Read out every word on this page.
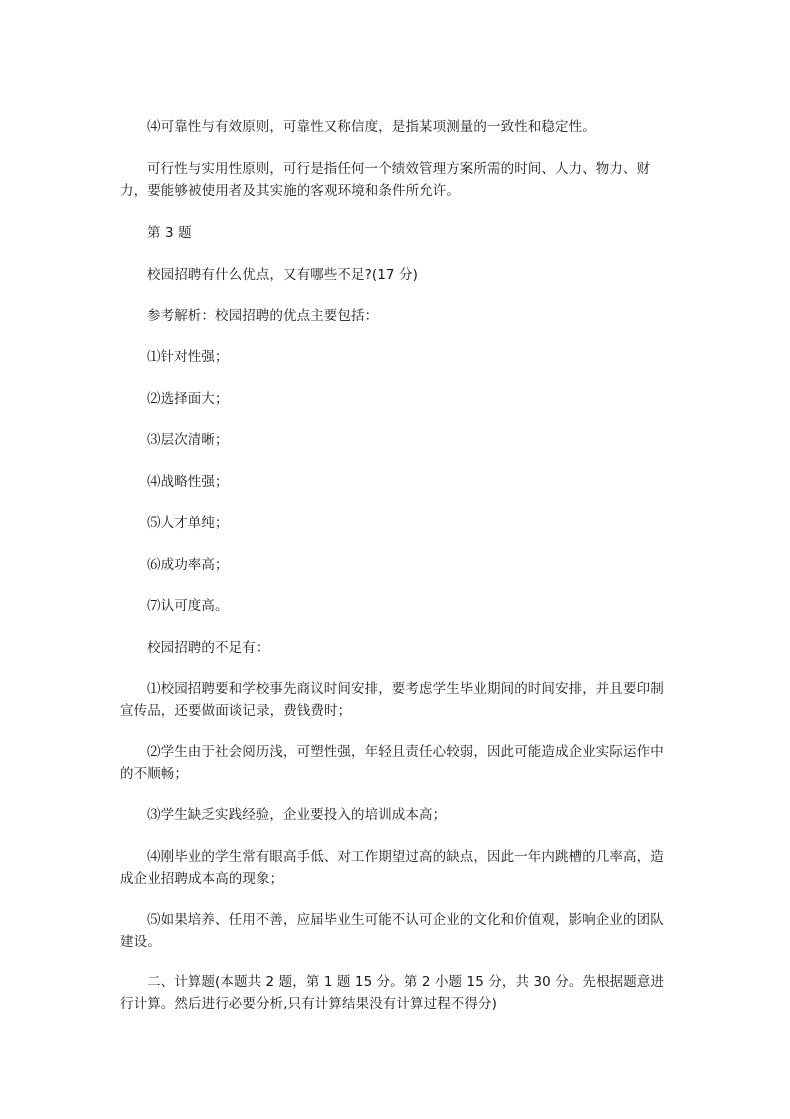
⑷可靠性与有效原则，可靠性又称信度，是指某项测量的一致性和稳定性。

可行性与实用性原则，可行是指任何一个绩效管理方案所需的时间、人力、物力、财力，要能够被使用者及其实施的客观环境和条件所允许。

第 3 题

校园招聘有什么优点，又有哪些不足?(17 分)

参考解析：校园招聘的优点主要包括：

⑴针对性强；

⑵选择面大；

⑶层次清晰；

⑷战略性强；

⑸人才单纯；

⑹成功率高；

⑺认可度高。

校园招聘的不足有：

⑴校园招聘要和学校事先商议时间安排，要考虑学生毕业期间的时间安排，并且要印制宣传品，还要做面谈记录，费钱费时；

⑵学生由于社会阅历浅，可塑性强，年轻且责任心较弱，因此可能造成企业实际运作中的不顺畅；

⑶学生缺乏实践经验，企业要投入的培训成本高；

⑷刚毕业的学生常有眼高手低、对工作期望过高的缺点，因此一年内跳槽的几率高，造成企业招聘成本高的现象；

⑸如果培养、任用不善，应届毕业生可能不认可企业的文化和价值观，影响企业的团队建设。

二、计算题(本题共 2 题，第 1 题 15 分。第 2 小题 15 分，共 30 分。先根据题意进行计算。然后进行必要分析,只有计算结果没有计算过程不得分)
